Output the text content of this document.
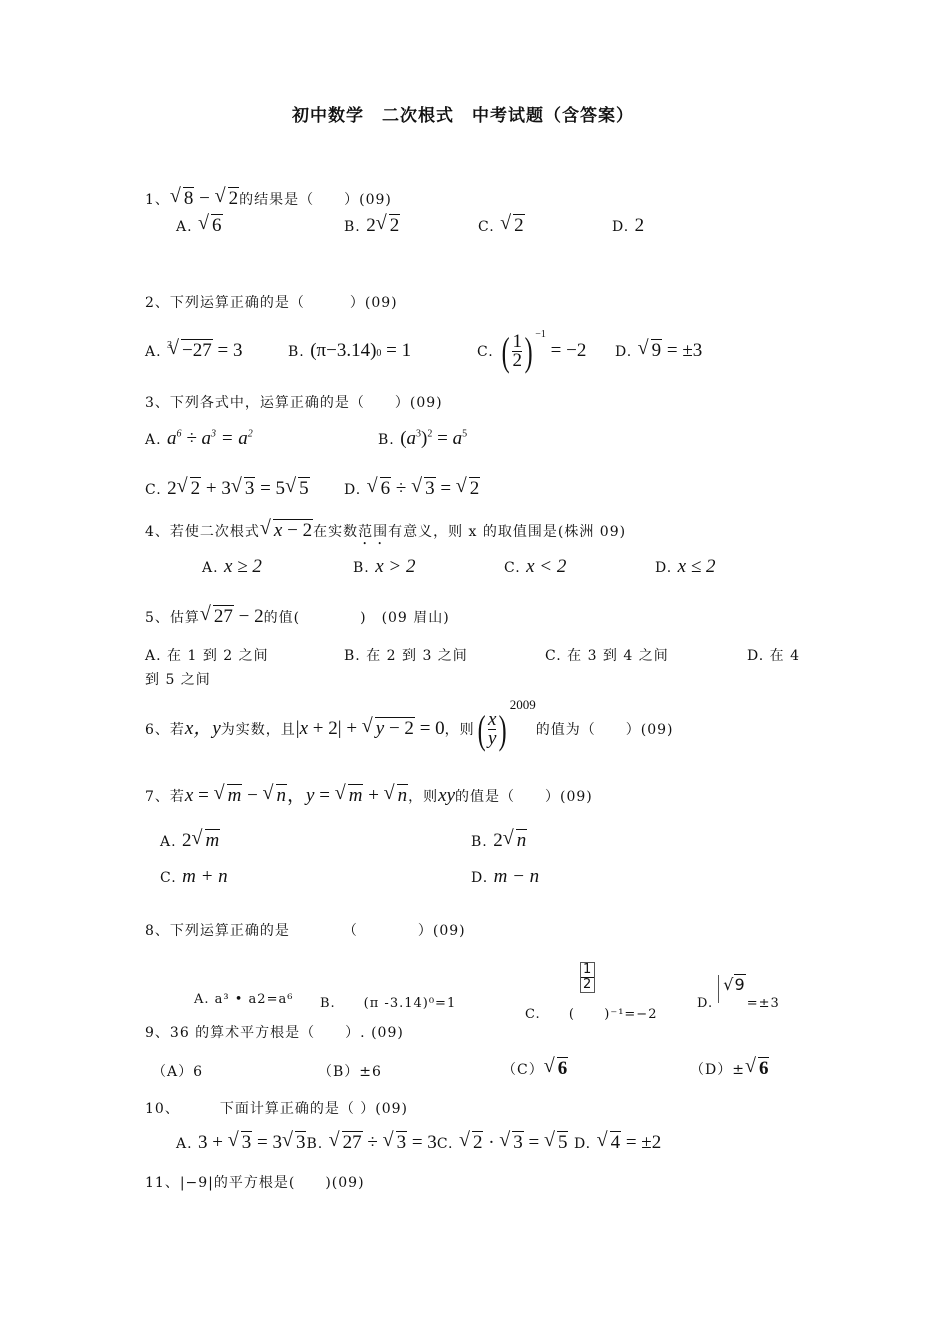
初中数学　二次根式　中考试题（含答案）
1、 √ 8 − √ 2的结果是（　　）(09)
A. √ 6	B. 2 √ 2	C. √ 2	D. 2
2、下列运算正确的是（　　　）(09)
A. $^3$ √ −27 = 3	B. (π−3.14)0 = 1	C. ( $\frac{1}{2}$ ) $^{-1}$ = −2 D. √ 9 = ±3
3、下列各式中，运算正确的是（　　）(09)
A. $a^6 \div a^3 = a^2$	B. $(a^3)^2 = a^5$
C. 2 √ 2 + 3 √ 3 = 5 √ 5	D. √ 6 ÷ √ 3 = √ 2
4、若使二次根式 √ x − 2在实数范围有意义，则 x 的取值围是(株洲 09)
A. x ≥ 2	B. x > 2	C. x < 2	D. x ≤ 2
5、估算 √ 27 − 2的值(　　　　)　(09 眉山)
A. 在 1 到 2 之间	B. 在 2 到 3 之间	C. 在 3 到 4 之间	D. 在 4
到 5 之间
6、若x，y为实数，且|x + 2| + √ y − 2 = 0，则( $\frac{x}{y} )^{2009}$的值为（　　）(09)
7、若x = √ m − √ n，y = √ m + √ n，则xy的值是（　　）(09)
A. 2 √ m	B. 2 √ n
C. m + n	D. m − n
8、下列运算正确的是　　　　（　　　　）(09)
A. a³ • a2=a⁶ B.　　(π -3.14)⁰=1
C. ( 1

2
)⁻¹=−2
D. √9 =±3
9、36 的算术平方根是（　　）. (09)
（A）6	（B）±6	（C） √ 6	（D）± √ 6
10、	下面计算正确的是（ ）(09)
A. 3 + √ 3 = 3 √ 3B. √ 27 ÷ √ 3 = 3C. √ 2 · √ 3 = √ 5 D. √ 4 = ±2
11、|−9|的平方根是(　　)(09)
